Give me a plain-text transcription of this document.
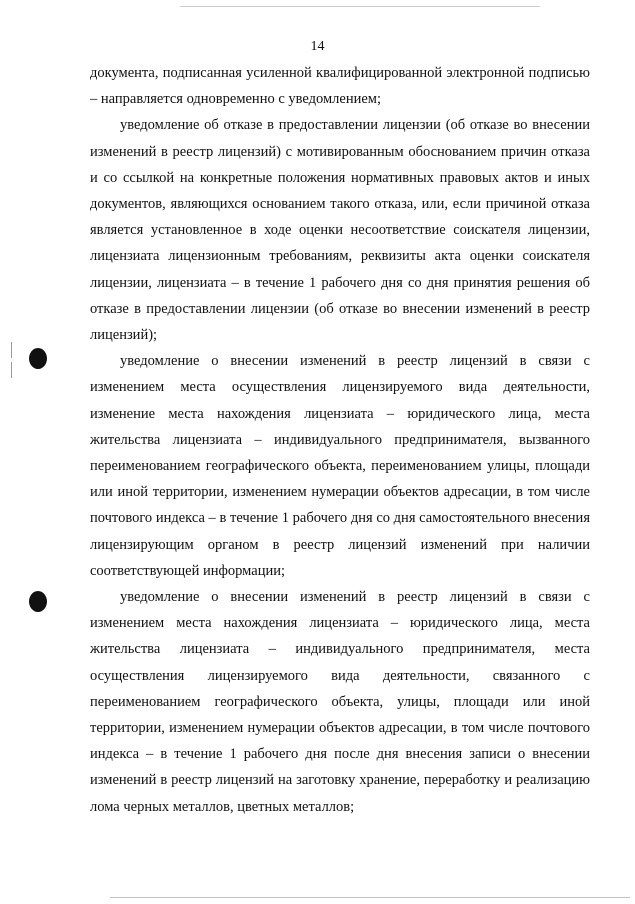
14

документа, подписанная усиленной квалифицированной электронной подписью – направляется одновременно с уведомлением;

уведомление об отказе в предоставлении лицензии (об отказе во внесении изменений в реестр лицензий) с мотивированным обоснованием причин отказа и со ссылкой на конкретные положения нормативных правовых актов и иных документов, являющихся основанием такого отказа, или, если причиной отказа является установленное в ходе оценки несоответствие соискателя лицензии, лицензиата лицензионным требованиям, реквизиты акта оценки соискателя лицензии, лицензиата – в течение 1 рабочего дня со дня принятия решения об отказе в предоставлении лицензии (об отказе во внесении изменений в реестр лицензий);

уведомление о внесении изменений в реестр лицензий в связи с изменением места осуществления лицензируемого вида деятельности, изменение места нахождения лицензиата – юридического лица, места жительства лицензиата – индивидуального предпринимателя, вызванного переименованием географического объекта, переименованием улицы, площади или иной территории, изменением нумерации объектов адресации, в том числе почтового индекса – в течение 1 рабочего дня со дня самостоятельного внесения лицензирующим органом в реестр лицензий изменений при наличии соответствующей информации;

уведомление о внесении изменений в реестр лицензий в связи с изменением места нахождения лицензиата – юридического лица, места жительства лицензиата – индивидуального предпринимателя, места осуществления лицензируемого вида деятельности, связанного с переименованием географического объекта, улицы, площади или иной территории, изменением нумерации объектов адресации, в том числе почтового индекса – в течение 1 рабочего дня после дня внесения записи о внесении изменений в реестр лицензий на заготовку хранение, переработку и реализацию лома черных металлов, цветных металлов;
